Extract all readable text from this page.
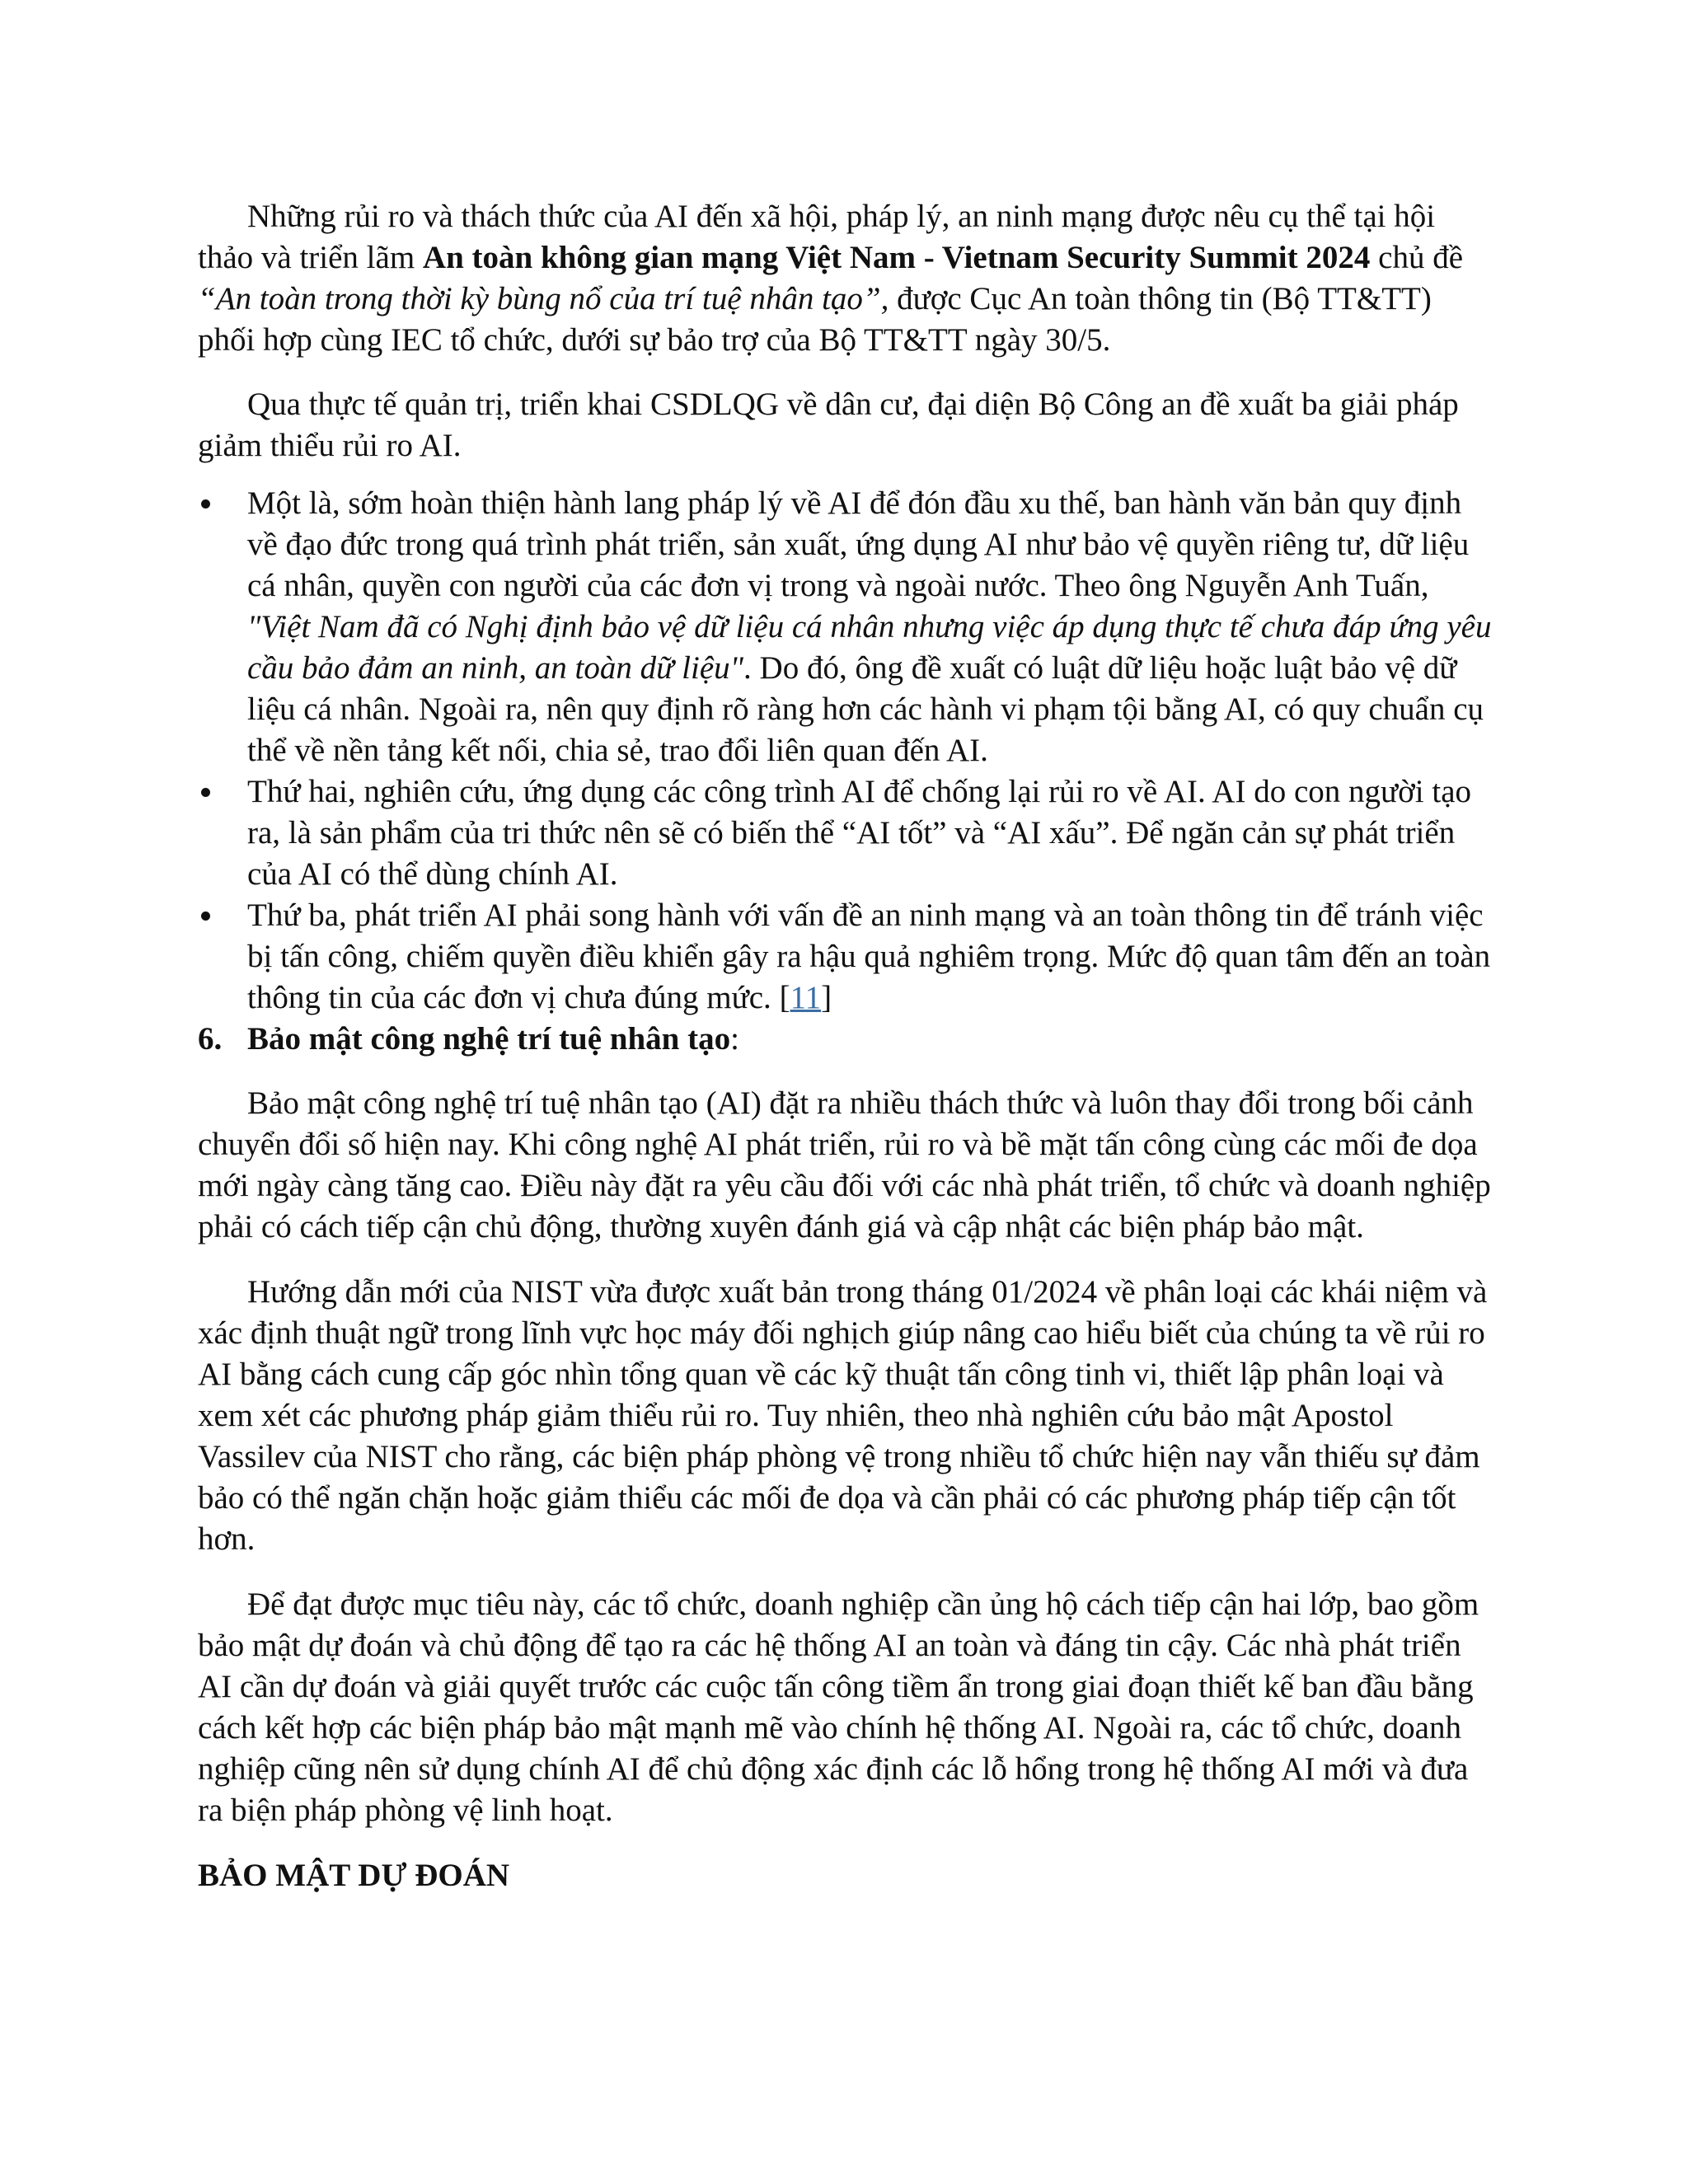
Những rủi ro và thách thức của AI đến xã hội, pháp lý, an ninh mạng được nêu cụ thể tại hội thảo và triển lãm An toàn không gian mạng Việt Nam - Vietnam Security Summit 2024 chủ đề “An toàn trong thời kỳ bùng nổ của trí tuệ nhân tạo”, được Cục An toàn thông tin (Bộ TT&TT) phối hợp cùng IEC tổ chức, dưới sự bảo trợ của Bộ TT&TT ngày 30/5.

Qua thực tế quản trị, triển khai CSDLQG về dân cư, đại diện Bộ Công an đề xuất ba giải pháp giảm thiểu rủi ro AI.

Một là, sớm hoàn thiện hành lang pháp lý về AI để đón đầu xu thế, ban hành văn bản quy định về đạo đức trong quá trình phát triển, sản xuất, ứng dụng AI như bảo vệ quyền riêng tư, dữ liệu cá nhân, quyền con người của các đơn vị trong và ngoài nước. Theo ông Nguyễn Anh Tuấn, "Việt Nam đã có Nghị định bảo vệ dữ liệu cá nhân nhưng việc áp dụng thực tế chưa đáp ứng yêu cầu bảo đảm an ninh, an toàn dữ liệu". Do đó, ông đề xuất có luật dữ liệu hoặc luật bảo vệ dữ liệu cá nhân. Ngoài ra, nên quy định rõ ràng hơn các hành vi phạm tội bằng AI, có quy chuẩn cụ thể về nền tảng kết nối, chia sẻ, trao đổi liên quan đến AI.
Thứ hai, nghiên cứu, ứng dụng các công trình AI để chống lại rủi ro về AI. AI do con người tạo ra, là sản phẩm của tri thức nên sẽ có biến thể “AI tốt” và “AI xấu”. Để ngăn cản sự phát triển của AI có thể dùng chính AI.
Thứ ba, phát triển AI phải song hành với vấn đề an ninh mạng và an toàn thông tin để tránh việc bị tấn công, chiếm quyền điều khiển gây ra hậu quả nghiêm trọng. Mức độ quan tâm đến an toàn thông tin của các đơn vị chưa đúng mức. [11]

6. Bảo mật công nghệ trí tuệ nhân tạo:

Bảo mật công nghệ trí tuệ nhân tạo (AI) đặt ra nhiều thách thức và luôn thay đổi trong bối cảnh chuyển đổi số hiện nay. Khi công nghệ AI phát triển, rủi ro và bề mặt tấn công cùng các mối đe dọa mới ngày càng tăng cao. Điều này đặt ra yêu cầu đối với các nhà phát triển, tổ chức và doanh nghiệp phải có cách tiếp cận chủ động, thường xuyên đánh giá và cập nhật các biện pháp bảo mật.

Hướng dẫn mới của NIST vừa được xuất bản trong tháng 01/2024 về phân loại các khái niệm và xác định thuật ngữ trong lĩnh vực học máy đối nghịch giúp nâng cao hiểu biết của chúng ta về rủi ro AI bằng cách cung cấp góc nhìn tổng quan về các kỹ thuật tấn công tinh vi, thiết lập phân loại và xem xét các phương pháp giảm thiểu rủi ro. Tuy nhiên, theo nhà nghiên cứu bảo mật Apostol Vassilev của NIST cho rằng, các biện pháp phòng vệ trong nhiều tổ chức hiện nay vẫn thiếu sự đảm bảo có thể ngăn chặn hoặc giảm thiểu các mối đe dọa và cần phải có các phương pháp tiếp cận tốt hơn.

Để đạt được mục tiêu này, các tổ chức, doanh nghiệp cần ủng hộ cách tiếp cận hai lớp, bao gồm bảo mật dự đoán và chủ động để tạo ra các hệ thống AI an toàn và đáng tin cậy. Các nhà phát triển AI cần dự đoán và giải quyết trước các cuộc tấn công tiềm ẩn trong giai đoạn thiết kế ban đầu bằng cách kết hợp các biện pháp bảo mật mạnh mẽ vào chính hệ thống AI. Ngoài ra, các tổ chức, doanh nghiệp cũng nên sử dụng chính AI để chủ động xác định các lỗ hổng trong hệ thống AI mới và đưa ra biện pháp phòng vệ linh hoạt.

BẢO MẬT DỰ ĐOÁN
